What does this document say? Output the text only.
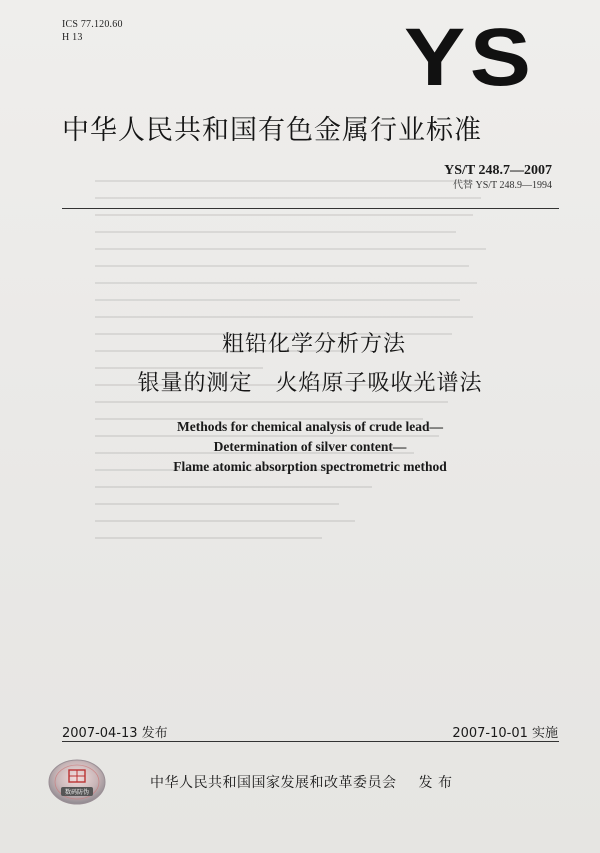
ICS 77.120.60
H 13	YS
中华人民共和国有色金属行业标准
YS/T 248.7—2007
代替 YS/T 248.9—1994
粗铅化学分析方法
银量的测定　火焰原子吸收光谱法
Methods for chemical analysis of crude lead—
Determination of silver content—
Flame atomic absorption spectrometric method
2007-04-13 发布	2007-10-01 实施
数码防伪
中华人民共和国国家发展和改革委员会 发 布
